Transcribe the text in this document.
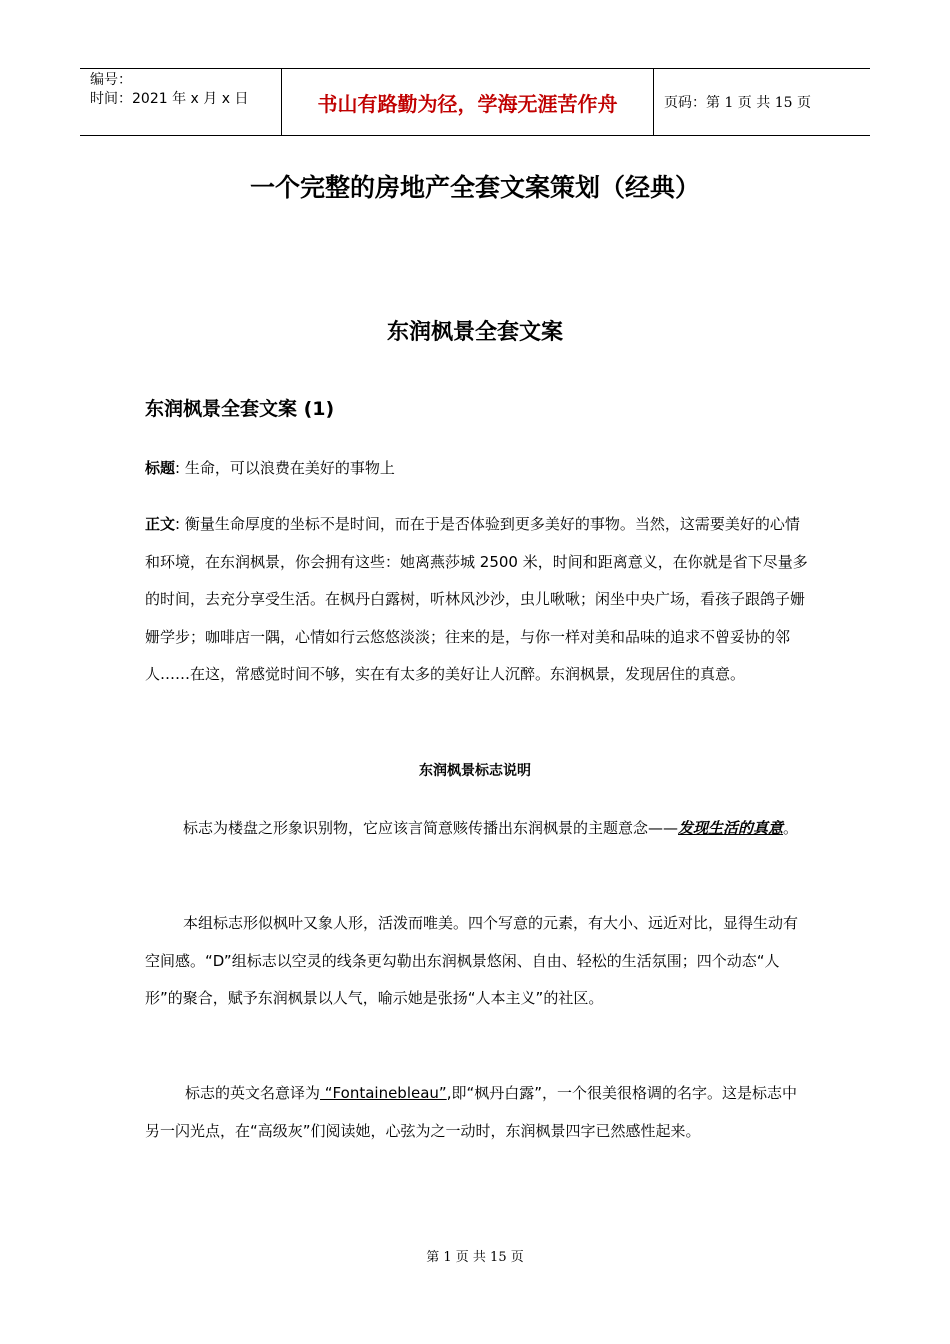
编号：
时间：2021 年 x 月 x 日	书山有路勤为径，学海无涯苦作舟	页码：第 1 页 共 15 页
一个完整的房地产全套文案策划（经典）
东润枫景全套文案
东润枫景全套文案 (1)
标题: 生命，可以浪费在美好的事物上
正文: 衡量生命厚度的坐标不是时间，而在于是否体验到更多美好的事物。当然，这需要美好的心情和环境，在东润枫景，你会拥有这些：她离燕莎城 2500 米，时间和距离意义，在你就是省下尽量多的时间，去充分享受生活。在枫丹白露树，听林风沙沙，虫儿啾啾；闲坐中央广场，看孩子跟鸽子姗姗学步；咖啡店一隅，心情如行云悠悠淡淡；往来的是，与你一样对美和品味的追求不曾妥协的邻人……在这，常感觉时间不够，实在有太多的美好让人沉醉。东润枫景，发现居住的真意。
东润枫景标志说明
标志为楼盘之形象识别物，它应该言简意赅传播出东润枫景的主题意念——发现生活的真意。
本组标志形似枫叶又象人形，活泼而唯美。四个写意的元素，有大小、远近对比，显得生动有空间感。“D”组标志以空灵的线条更勾勒出东润枫景悠闲、自由、轻松的生活氛围；四个动态“人形”的聚合，赋予东润枫景以人气，喻示她是张扬“人本主义”的社区。
标志的英文名意译为 “Fontainebleau”,即“枫丹白露”，一个很美很格调的名字。这是标志中另一闪光点，在“高级灰”们阅读她，心弦为之一动时，东润枫景四字已然感性起来。
第 1 页 共 15 页
